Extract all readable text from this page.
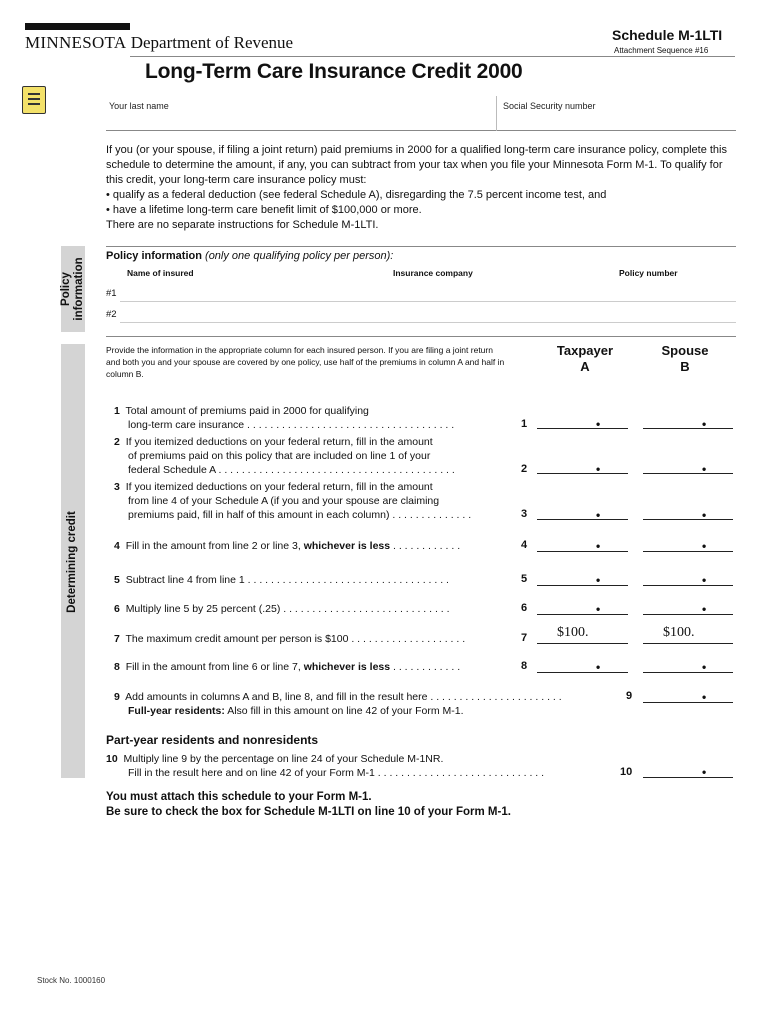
MINNESOTA Department of Revenue	Schedule M-1LTI
Attachment Sequence #16
Long-Term Care Insurance Credit 2000
Your last name	Social Security number

If you (or your spouse, if filing a joint return) paid premiums in 2000 for a qualified long-term care insurance policy, complete this schedule to determine the amount, if any, you can subtract from your tax when you file your Minnesota Form M-1. To qualify for this credit, your long-term care insurance policy must:

• qualify as a federal deduction (see federal Schedule A), disregarding the 7.5 percent income test, and

• have a lifetime long-term care benefit limit of $100,000 or more.

There are no separate instructions for Schedule M-1LTI.

Policy
information
Policy information (only one qualifying policy per person):
Name of insured	Insurance company	Policy number
#1
#2
Determining credit
Provide the information in the appropriate column for each insured person. If you are filing a joint return and both you and your spouse are covered by one policy, use half of the premiums in column A and half in column B.
Taxpayer
A
Spouse
B
1 Total amount of premiums paid in 2000 for qualifying
long-term care insurance . . . . . . . . . . . . . . . . . . . . . . . . . . . . . . . . . . . .	1	•	•
2 If you itemized deductions on your federal return, fill in the amount
of premiums paid on this policy that are included on line 1 of your
federal Schedule A . . . . . . . . . . . . . . . . . . . . . . . . . . . . . . . . . . . . . . . . .	2	•	•
3 If you itemized deductions on your federal return, fill in the amount
from line 4 of your Schedule A (if you and your spouse are claiming
premiums paid, fill in half of this amount in each column) . . . . . . . . . . . . . .	3	•	•
4 Fill in the amount from line 2 or line 3, whichever is less . . . . . . . . . . . .	4	•	•
5 Subtract line 4 from line 1 . . . . . . . . . . . . . . . . . . . . . . . . . . . . . . . . . . .	5	•	•
6 Multiply line 5 by 25 percent (.25) . . . . . . . . . . . . . . . . . . . . . . . . . . . . .	6	•	•
7 The maximum credit amount per person is $100 . . . . . . . . . . . . . . . . . . . .	7 $100.	$100.
8 Fill in the amount from line 6 or line 7, whichever is less . . . . . . . . . . . .	8	•	•
9 Add amounts in columns A and B, line 8, and fill in the result here . . . . . . . . . . . . . . . . . . . . . . .
Full-year residents: Also fill in this amount on line 42 of your Form M-1.
9	•
Part-year residents and nonresidents
10 Multiply line 9 by the percentage on line 24 of your Schedule M-1NR.
Fill in the result here and on line 42 of your Form M-1 . . . . . . . . . . . . . . . . . . . . . . . . . . . . .	10	•
You must attach this schedule to your Form M-1.
Be sure to check the box for Schedule M-1LTI on line 10 of your Form M-1.
Stock No. 1000160
